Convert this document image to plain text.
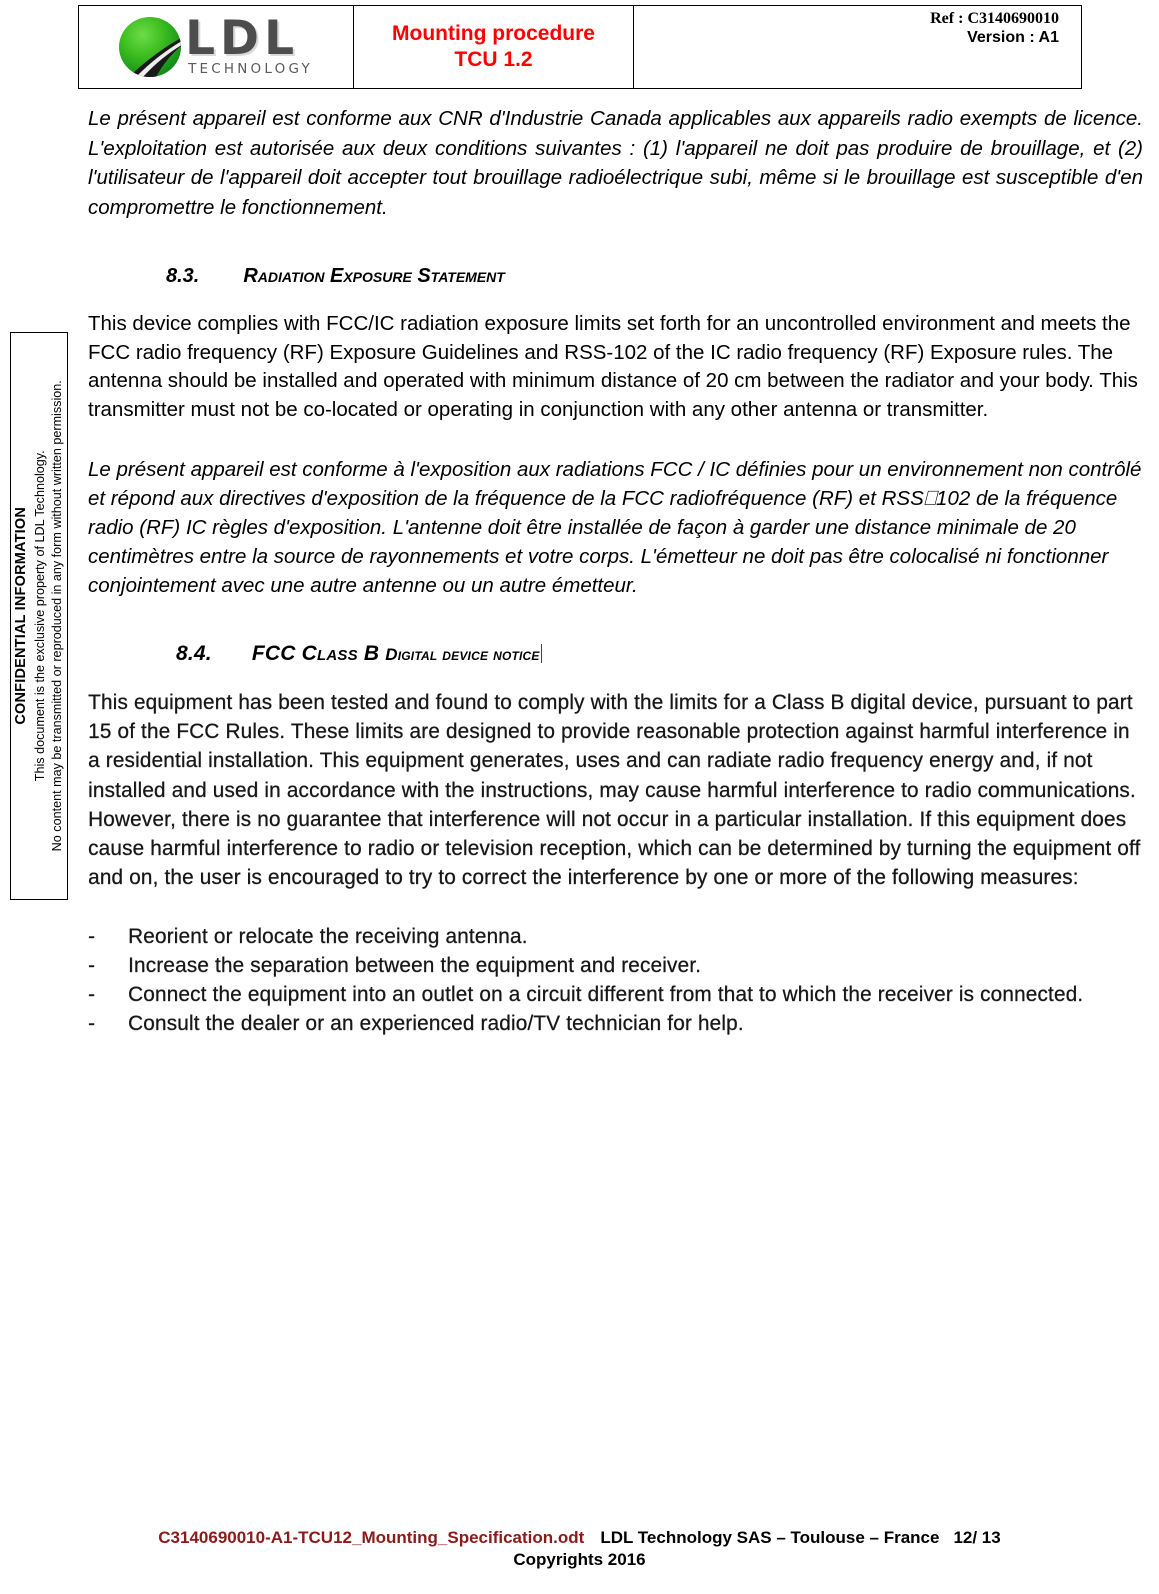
LDL
TECHNOLOGY
Mounting procedure
TCU 1.2
Ref : C3140690010
Version : A1
CONFIDENTIAL INFORMATION This document is the exclusive property of LDL Technology. No content may be transmitted or reproduced in any form without written permission.

Le présent appareil est conforme aux CNR d'Industrie Canada applicables aux appareils radio exempts de licence. L'exploitation est autorisée aux deux conditions suivantes : (1) l'appareil ne doit pas produire de brouillage, et (2) l'utilisateur de l'appareil doit accepter tout brouillage radioélectrique subi, même si le brouillage est susceptible d'en compromettre le fonctionnement.

8.3. Radiation Exposure Statement

This device complies with FCC/IC radiation exposure limits set forth for an uncontrolled environment and meets the FCC radio frequency (RF) Exposure Guidelines and RSS-102 of the IC radio frequency (RF) Exposure rules. The antenna should be installed and operated with minimum distance of 20 cm between the radiator and your body. This transmitter must not be co-located or operating in conjunction with any other antenna or transmitter.

Le présent appareil est conforme à l'exposition aux radiations FCC / IC définies pour un environnement non contrôlé et répond aux directives d'exposition de la fréquence de la FCC radiofréquence (RF) et RSS⎕102 de la fréquence radio (RF) IC règles d'exposition. L'antenne doit être installée de façon à garder une distance minimale de 20 centimètres entre la source de rayonnements et votre corps. L'émetteur ne doit pas être colocalisé ni fonctionner conjointement avec une autre antenne ou un autre émetteur.

8.4. FCC Class B Digital device notice

This equipment has been tested and found to comply with the limits for a Class B digital device, pursuant to part 15 of the FCC Rules. These limits are designed to provide reasonable protection against harmful interference in a residential installation. This equipment generates, uses and can radiate radio frequency energy and, if not installed and used in accordance with the instructions, may cause harmful interference to radio communications. However, there is no guarantee that interference will not occur in a particular installation. If this equipment does cause harmful interference to radio or television reception, which can be determined by turning the equipment off and on, the user is encouraged to try to correct the interference by one or more of the following measures:

-	Reorient or relocate the receiving antenna.
-	Increase the separation between the equipment and receiver.
-	Connect the equipment into an outlet on a circuit different from that to which the receiver is connected.
-	Consult the dealer or an experienced radio/TV technician for help.
C3140690010-A1-TCU12_Mounting_Specification.odt LDL Technology SAS – Toulouse – France 12/ 13
Copyrights 2016
